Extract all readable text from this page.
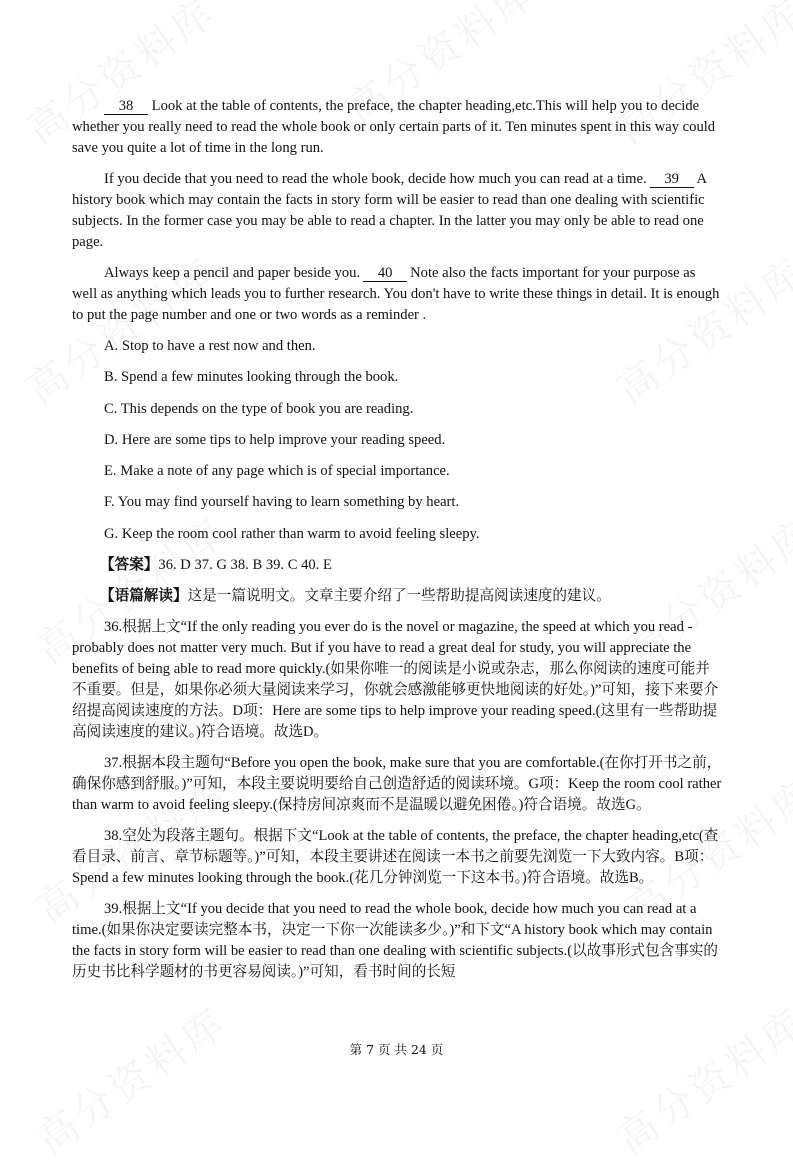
38 Look at the table of contents, the preface, the chapter heading,etc.This will help you to decide whether you really need to read the whole book or only certain parts of it. Ten minutes spent in this way could save you quite a lot of time in the long run.

If you decide that you need to read the whole book, decide how much you can read at a time. 39 A history book which may contain the facts in story form will be easier to read than one dealing with scientific subjects. In the former case you may be able to read a chapter. In the latter you may only be able to read one page.

Always keep a pencil and paper beside you. 40 Note also the facts important for your purpose as well as anything which leads you to further research. You don't have to write these things in detail. It is enough to put the page number and one or two words as a reminder .

A. Stop to have a rest now and then.
B. Spend a few minutes looking through the book.
C. This depends on the type of book you are reading.
D. Here are some tips to help improve your reading speed.
E. Make a note of any page which is of special importance.
F. You may find yourself having to learn something by heart.
G. Keep the room cool rather than warm to avoid feeling sleepy.

【答案】36. D 37. G 38. B 39. C 40. E

【语篇解读】这是一篇说明文。文章主要介绍了一些帮助提高阅读速度的建议。

36.根据上文“If the only reading you ever do is the novel or magazine, the speed at which you read -probably does not matter very much. But if you have to read a great deal for study, you will appreciate the benefits of being able to read more quickly.(如果你唯一的阅读是小说或杂志，那么你阅读的速度可能并不重要。但是，如果你必须大量阅读来学习，你就会感激能够更快地阅读的好处。)”可知，接下来要介绍提高阅读速度的方法。D项：Here are some tips to help improve your reading speed.(这里有一些帮助提高阅读速度的建议。)符合语境。故选D。

37.根据本段主题句“Before you open the book, make sure that you are comfortable.(在你打开书之前，确保你感到舒服。)”可知，本段主要说明要给自己创造舒适的阅读环境。G项：Keep the room cool rather than warm to avoid feeling sleepy.(保持房间凉爽而不是温暖以避免困倦。)符合语境。故选G。

38.空处为段落主题句。根据下文“Look at the table of contents, the preface, the chapter heading,etc(查看目录、前言、章节标题等。)”可知，本段主要讲述在阅读一本书之前要先浏览一下大致内容。B项：Spend a few minutes looking through the book.(花几分钟浏览一下这本书。)符合语境。故选B。

39.根据上文“If you decide that you need to read the whole book, decide how much you can read at a time.(如果你决定要读完整本书，决定一下你一次能读多少。)”和下文“A history book which may contain the facts in story form will be easier to read than one dealing with scientific subjects.(以故事形式包含事实的历史书比科学题材的书更容易阅读。)”可知，看书时间的长短

第 7 页 共 24 页
